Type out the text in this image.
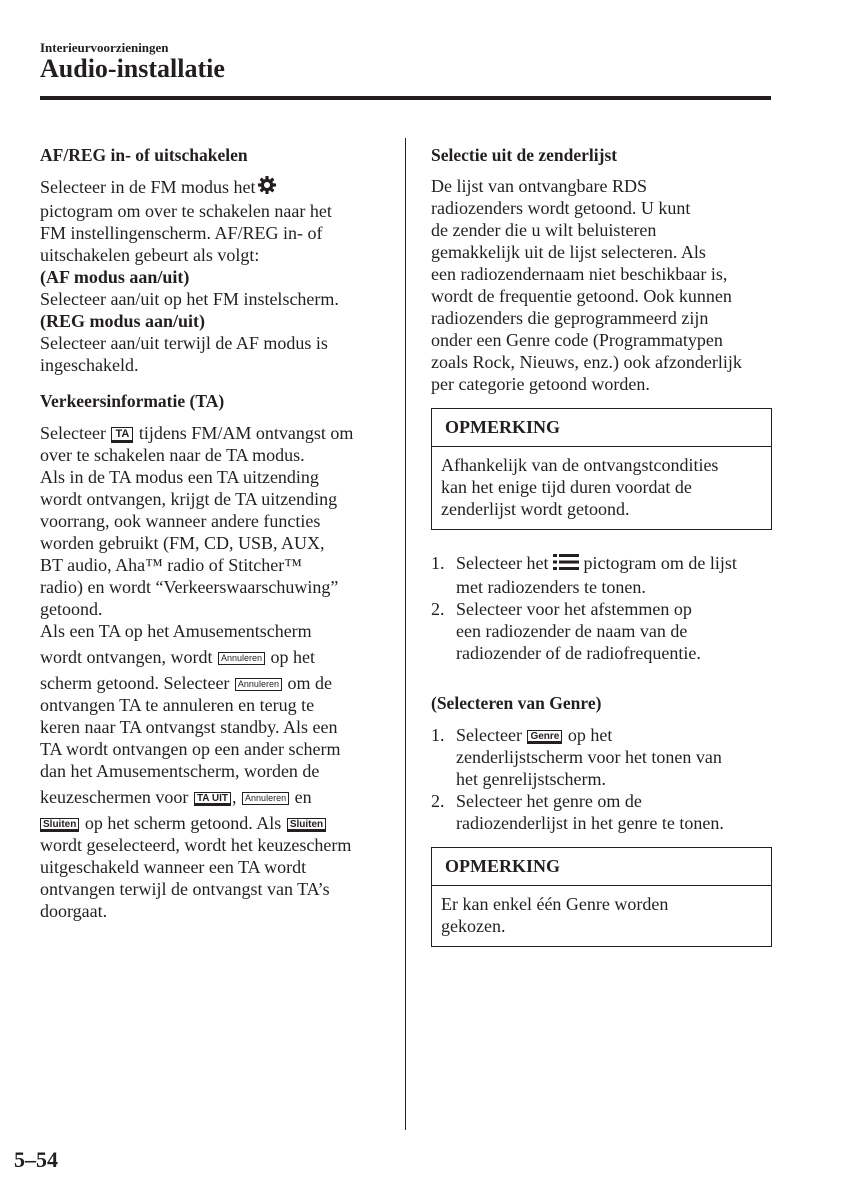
Interieurvoorzieningen
Audio-installatie

AF/REG in- of uitschakelen

Selecteer in de FM modus het
pictogram om over te schakelen naar het
FM instellingenscherm. AF/REG in- of
uitschakelen gebeurt als volgt:
(AF modus aan/uit)
Selecteer aan/uit op het FM instelscherm.
(REG modus aan/uit)
Selecteer aan/uit terwijl de AF modus is
ingeschakeld.

Verkeersinformatie (TA)

Selecteer TA tijdens FM/AM ontvangst om
over te schakelen naar de TA modus.
Als in de TA modus een TA uitzending
wordt ontvangen, krijgt de TA uitzending
voorrang, ook wanneer andere functies
worden gebruikt (FM, CD, USB, AUX,
BT audio, Aha™ radio of Stitcher™
radio) en wordt “Verkeerswaarschuwing”
getoond.
Als een TA op het Amusementscherm
wordt ontvangen, wordt Annuleren op het
scherm getoond. Selecteer Annuleren om de
ontvangen TA te annuleren en terug te
keren naar TA ontvangst standby. Als een
TA wordt ontvangen op een ander scherm
dan het Amusementscherm, worden de
keuzeschermen voor TA UIT , Annuleren en
Sluiten op het scherm getoond. Als Sluiten
wordt geselecteerd, wordt het keuzescherm
uitgeschakeld wanneer een TA wordt
ontvangen terwijl de ontvangst van TA’s
doorgaat.

Selectie uit de zenderlijst

De lijst van ontvangbare RDS
radiozenders wordt getoond. U kunt
de zender die u wilt beluisteren
gemakkelijk uit de lijst selecteren. Als
een radiozendernaam niet beschikbaar is,
wordt de frequentie getoond. Ook kunnen
radiozenders die geprogrammeerd zijn
onder een Genre code (Programmatypen
zoals Rock, Nieuws, enz.) ook afzonderlijk
per categorie getoond worden.
OPMERKING
Afhankelijk van de ontvangstcondities
kan het enige tijd duren voordat de
zenderlijst wordt getoond.
1. Selecteer het pictogram om de lijst
met radiozenders te tonen.
2. Selecteer voor het afstemmen op
een radiozender de naam van de
radiozender of de radiofrequentie.

(Selecteren van Genre)

1. Selecteer Genre op het
zenderlijstscherm voor het tonen van
het genrelijstscherm.
2. Selecteer het genre om de
radiozenderlijst in het genre te tonen.
OPMERKING
Er kan enkel één Genre worden
gekozen.
5–54
